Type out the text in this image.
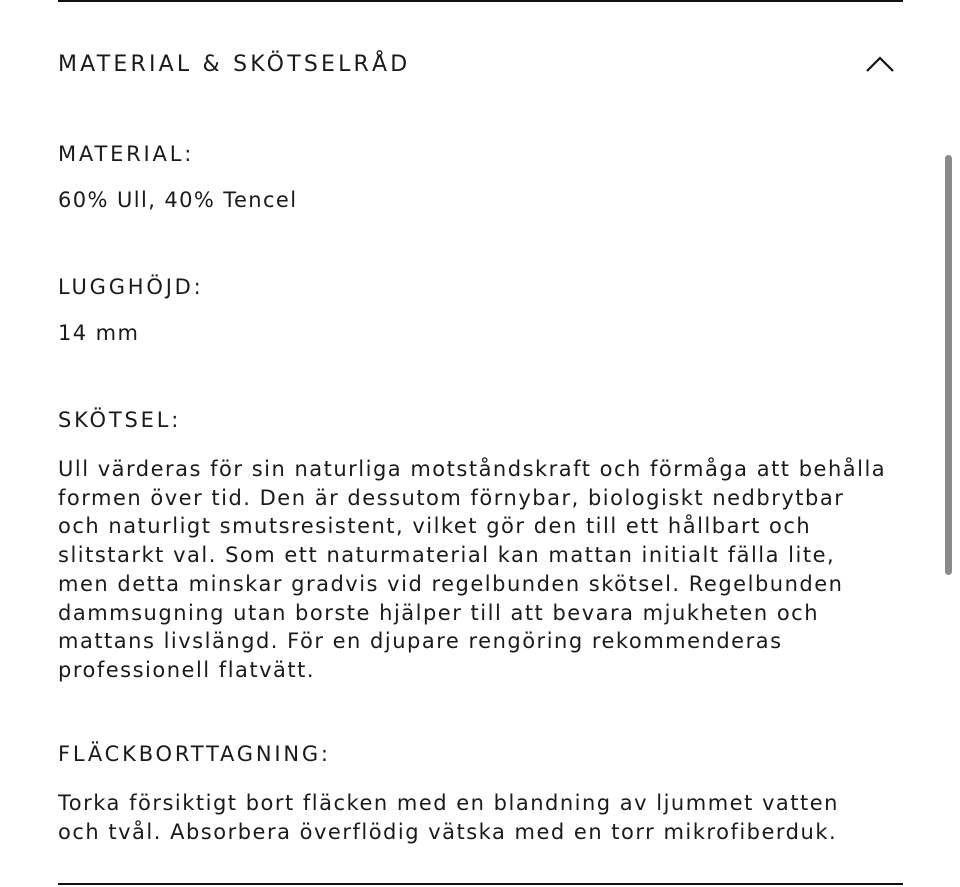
MATERIAL & SKÖTSELRÅD
MATERIAL:
60% Ull, 40% Tencel
LUGGHÖJD:
14 mm
SKÖTSEL:
Ull värderas för sin naturliga motståndskraft och förmåga att behålla
formen över tid. Den är dessutom förnybar, biologiskt nedbrytbar
och naturligt smutsresistent, vilket gör den till ett hållbart och
slitstarkt val. Som ett naturmaterial kan mattan initialt fälla lite,
men detta minskar gradvis vid regelbunden skötsel. Regelbunden
dammsugning utan borste hjälper till att bevara mjukheten och
mattans livslängd. För en djupare rengöring rekommenderas
professionell flatvätt.
FLÄCKBORTTAGNING:
Torka försiktigt bort fläcken med en blandning av ljummet vatten
och tvål. Absorbera överflödig vätska med en torr mikrofiberduk.
